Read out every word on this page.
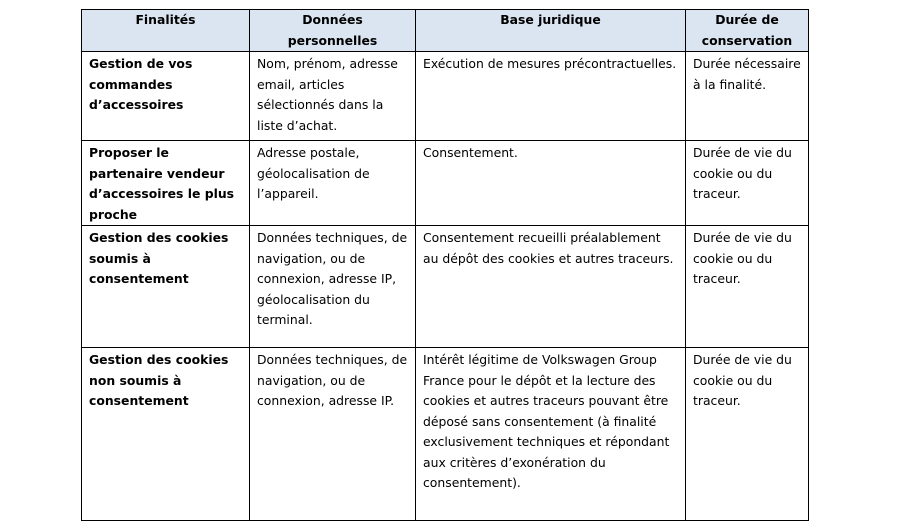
Finalités	Données personnelles	Base juridique	Durée de conservation
Gestion de vos commandes d’accessoires	Nom, prénom, adresse email, articles sélectionnés dans la liste d’achat.	Exécution de mesures précontractuelles.	Durée nécessaire à la finalité.
Proposer le partenaire vendeur d’accessoires le plus proche	Adresse postale, géolocalisation de l’appareil.	Consentement.	Durée de vie du cookie ou du traceur.
Gestion des cookies soumis à consentement	Données techniques, de navigation, ou de connexion, adresse IP, géolocalisation du terminal.	Consentement recueilli préalablement au dépôt des cookies et autres traceurs.	Durée de vie du cookie ou du traceur.
Gestion des cookies non soumis à consentement	Données techniques, de navigation, ou de connexion, adresse IP.	Intérêt légitime de Volkswagen Group France pour le dépôt et la lecture des cookies et autres traceurs pouvant être déposé sans consentement (à finalité exclusivement techniques et répondant aux critères d’exonération du consentement).	Durée de vie du cookie ou du traceur.
